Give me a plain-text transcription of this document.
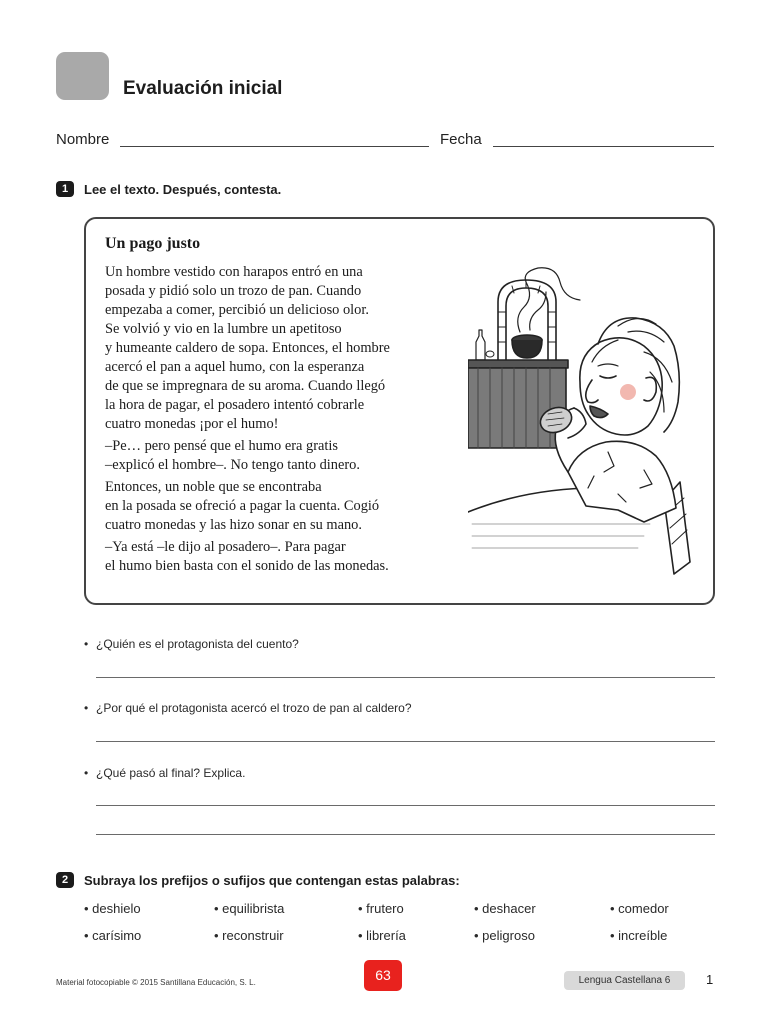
Evaluación inicial
Nombre	Fecha
1	Lee el texto. Después, contesta.
Un pago justo

Un hombre vestido con harapos entró en una
posada y pidió solo un trozo de pan. Cuando
empezaba a comer, percibió un delicioso olor.
Se volvió y vio en la lumbre un apetitoso
y humeante caldero de sopa. Entonces, el hombre
acercó el pan a aquel humo, con la esperanza
de que se impregnara de su aroma. Cuando llegó
la hora de pagar, el posadero intentó cobrarle
cuatro monedas ¡por el humo!

–Pe… pero pensé que el humo era gratis
–explicó el hombre–. No tengo tanto dinero.

Entonces, un noble que se encontraba
en la posada se ofreció a pagar la cuenta. Cogió
cuatro monedas y las hizo sonar en su mano.

–Ya está –le dijo al posadero–. Para pagar
el humo bien basta con el sonido de las monedas.

• ¿Quién es el protagonista del cuento?
• ¿Por qué el protagonista acercó el trozo de pan al caldero?
• ¿Qué pasó al final? Explica.
2	Subraya los prefijos o sufijos que contengan estas palabras:
• deshielo	• equilibrista	• frutero	• deshacer	• comedor
• carísimo	• reconstruir	• librería	• peligroso	• increíble
Material fotocopiable © 2015 Santillana Educación, S. L.	63	Lengua Castellana 6	1
